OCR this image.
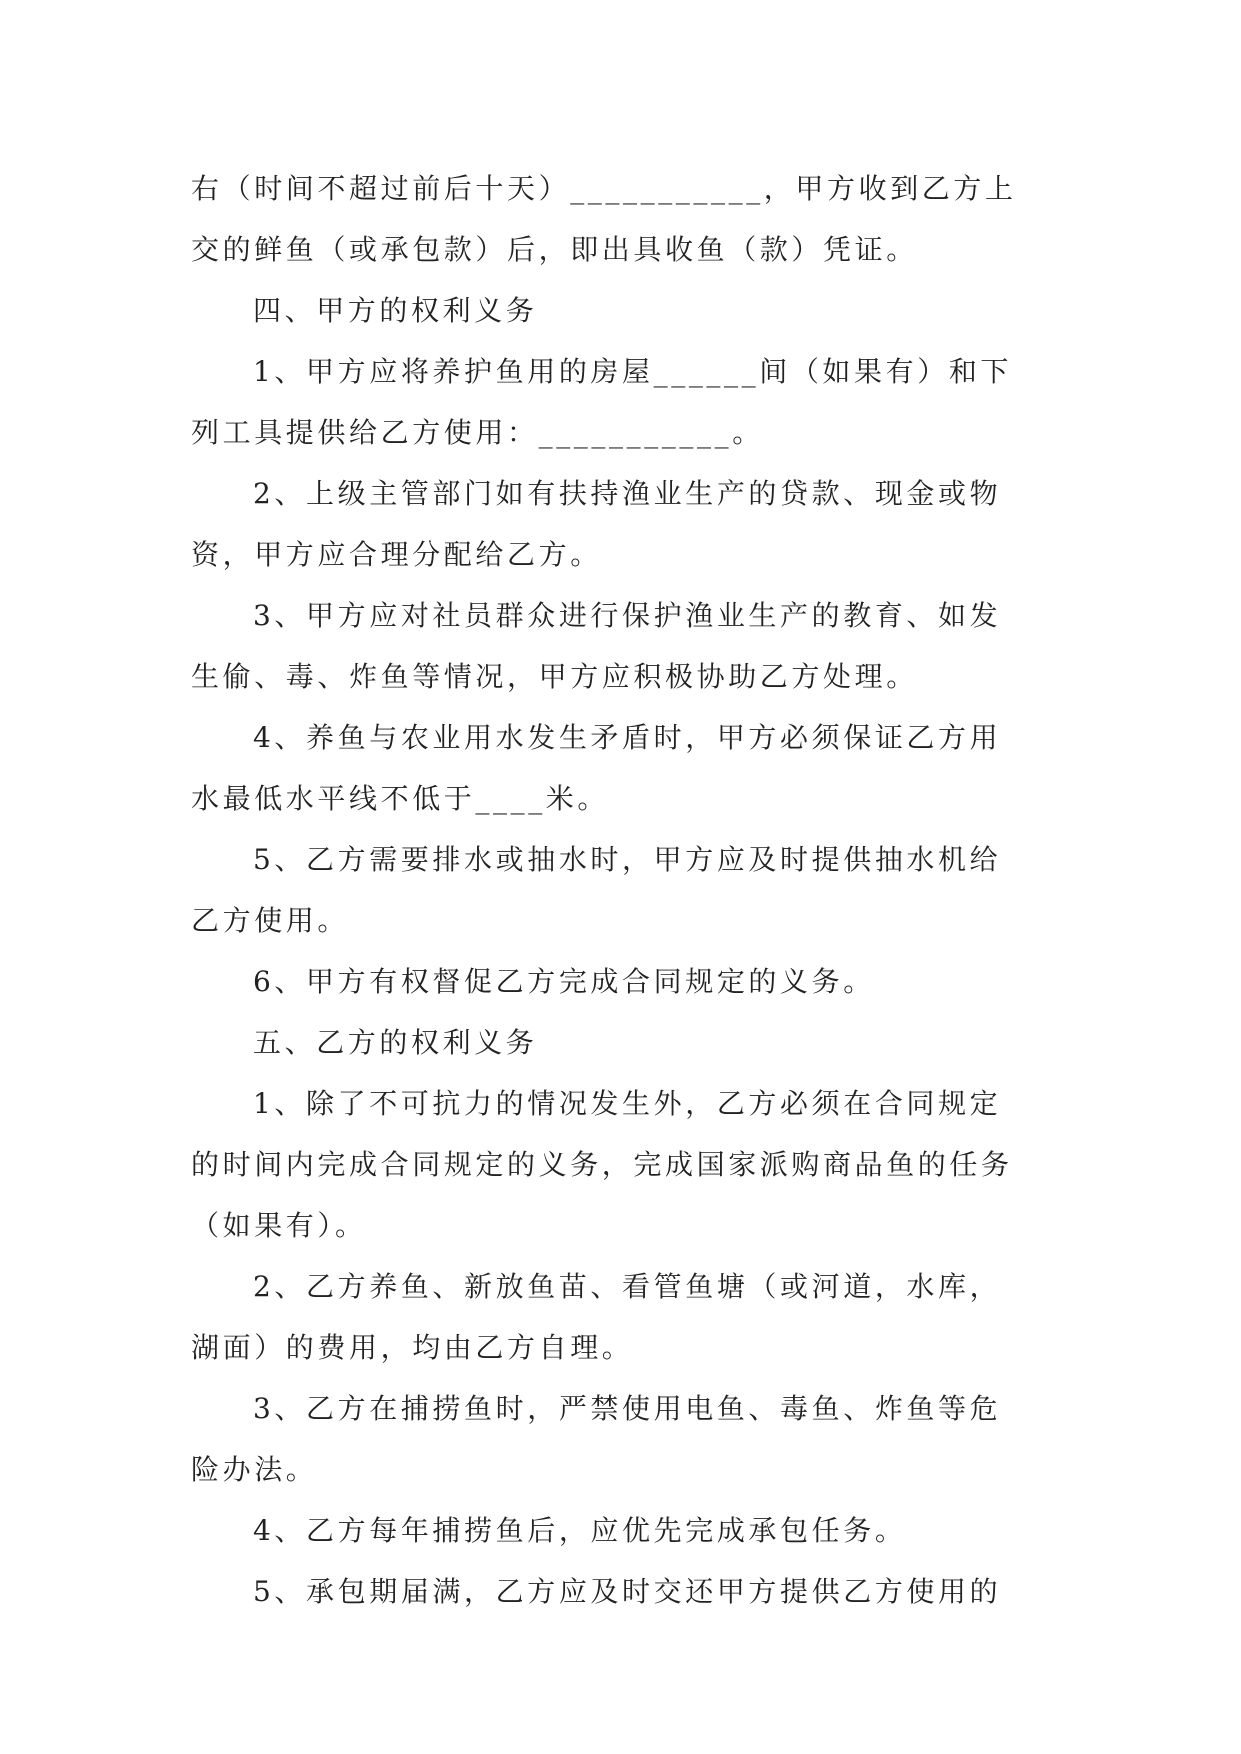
右（时间不超过前后十天）___________，甲方收到乙方上
交的鲜鱼（或承包款）后，即出具收鱼（款）凭证。
四、甲方的权利义务
1、甲方应将养护鱼用的房屋______间（如果有）和下
列工具提供给乙方使用：___________。
2、上级主管部门如有扶持渔业生产的贷款、现金或物
资，甲方应合理分配给乙方。
3、甲方应对社员群众进行保护渔业生产的教育、如发
生偷、毒、炸鱼等情况，甲方应积极协助乙方处理。
4、养鱼与农业用水发生矛盾时，甲方必须保证乙方用
水最低水平线不低于____米。
5、乙方需要排水或抽水时，甲方应及时提供抽水机给
乙方使用。
6、甲方有权督促乙方完成合同规定的义务。
五、乙方的权利义务
1、除了不可抗力的情况发生外，乙方必须在合同规定
的时间内完成合同规定的义务，完成国家派购商品鱼的任务
（如果有）。
2、乙方养鱼、新放鱼苗、看管鱼塘（或河道，水库，
湖面）的费用，均由乙方自理。
3、乙方在捕捞鱼时，严禁使用电鱼、毒鱼、炸鱼等危
险办法。
4、乙方每年捕捞鱼后，应优先完成承包任务。
5、承包期届满，乙方应及时交还甲方提供乙方使用的
